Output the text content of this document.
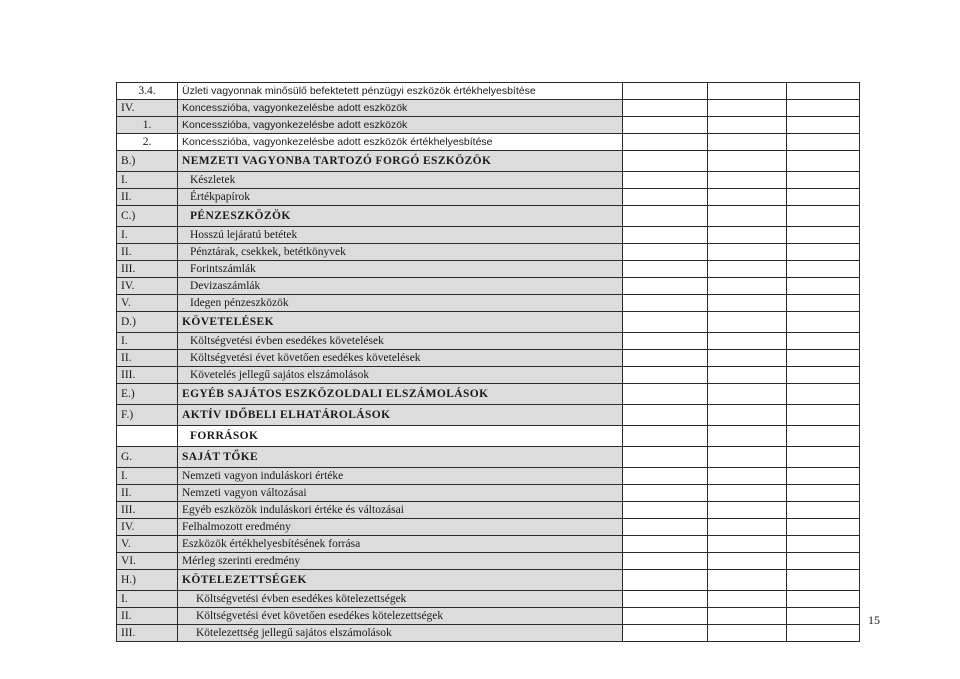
3.4.	Üzleti vagyonnak minősülő befektetett pénzügyi eszközök értékhelyesbítése			
IV.	Koncesszióba, vagyonkezelésbe adott eszközök			
1.	Koncesszióba, vagyonkezelésbe adott eszközök			
2.	Koncesszióba, vagyonkezelésbe adott eszközök értékhelyesbítése			
B.)	NEMZETI VAGYONBA TARTOZÓ FORGÓ ESZKÖZÖK			
I.	Készletek			
II.	Értékpapírok			
C.)	PÉNZESZKÖZÖK			
I.	Hosszú lejáratú betétek			
II.	Pénztárak, csekkek, betétkönyvek			
III.	Forintszámlák			
IV.	Devizaszámlák			
V.	Idegen pénzeszközök			
D.)	KÖVETELÉSEK			
I.	Költségvetési évben esedékes követelések			
II.	Költségvetési évet követően esedékes követelések			
III.	Követelés jellegű sajátos elszámolások			
E.)	EGYÉB SAJÁTOS ESZKÖZOLDALI ELSZÁMOLÁSOK			
F.)	AKTÍV IDŐBELI ELHATÁROLÁSOK			
	FORRÁSOK			
G.	SAJÁT TŐKE			
I.	Nemzeti vagyon induláskori értéke			
II.	Nemzeti vagyon változásai			
III.	Egyéb eszközök induláskori értéke és változásai			
IV.	Felhalmozott eredmény			
V.	Eszközök értékhelyesbítésének forrása			
VI.	Mérleg szerinti eredmény			
H.)	KÖTELEZETTSÉGEK			
I.	Költségvetési évben esedékes kötelezettségek			
II.	Költségvetési évet követően esedékes kötelezettségek			
III.	Kötelezettség jellegű sajátos elszámolások			
15
